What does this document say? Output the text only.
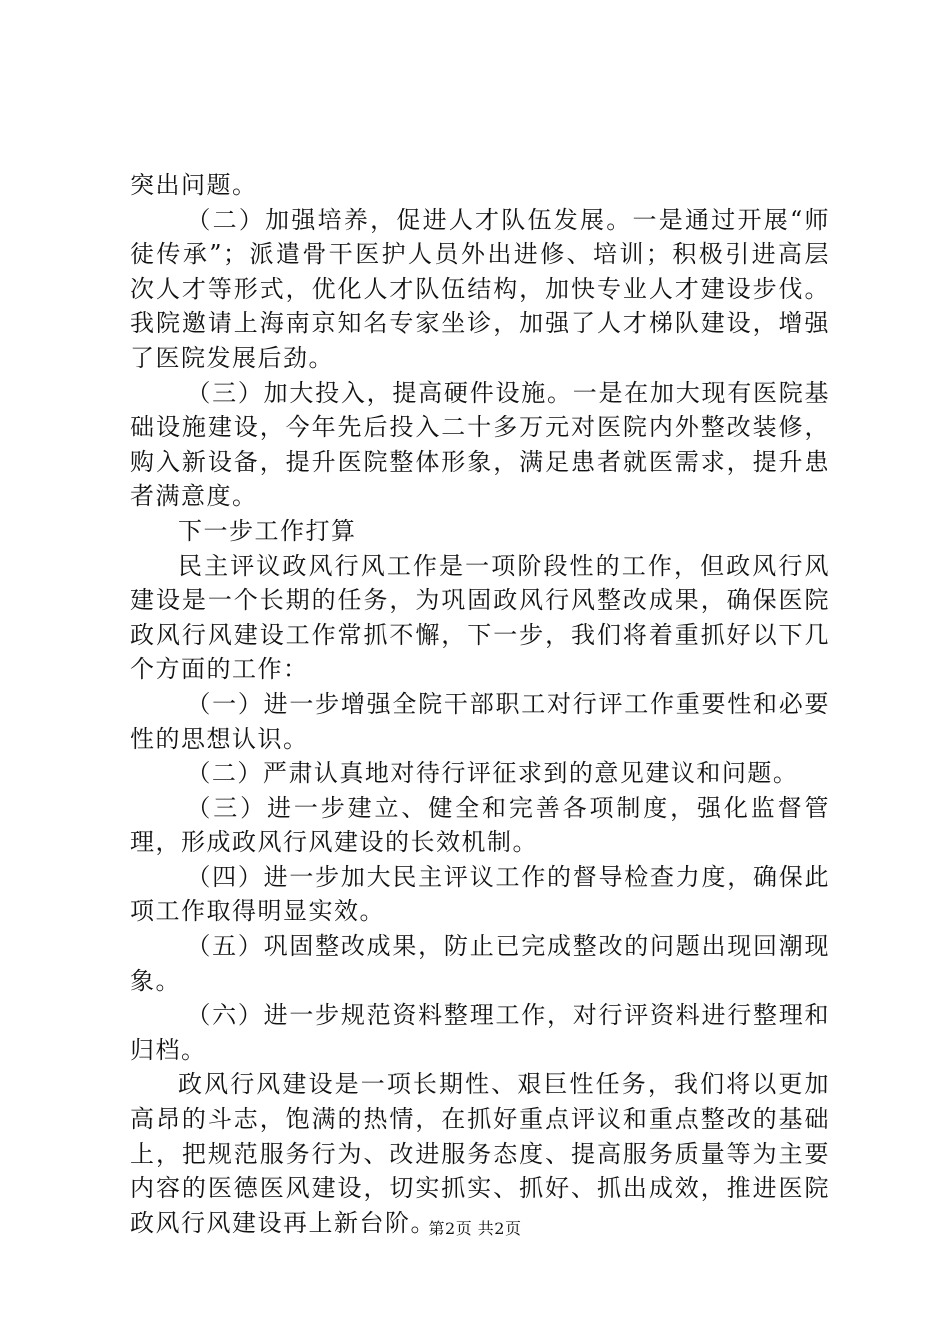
突出问题。

（二）加强培养，促进人才队伍发展。一是通过开展“师徒传承”；派遣骨干医护人员外出进修、培训；积极引进高层次人才等形式，优化人才队伍结构，加快专业人才建设步伐。我院邀请上海南京知名专家坐诊，加强了人才梯队建设，增强了医院发展后劲。

（三）加大投入，提高硬件设施。一是在加大现有医院基础设施建设，今年先后投入二十多万元对医院内外整改装修，购入新设备，提升医院整体形象，满足患者就医需求，提升患者满意度。

下一步工作打算

民主评议政风行风工作是一项阶段性的工作，但政风行风建设是一个长期的任务，为巩固政风行风整改成果，确保医院政风行风建设工作常抓不懈，下一步，我们将着重抓好以下几个方面的工作：

（一）进一步增强全院干部职工对行评工作重要性和必要性的思想认识。

（二）严肃认真地对待行评征求到的意见建议和问题。

（三）进一步建立、健全和完善各项制度，强化监督管理，形成政风行风建设的长效机制。

（四）进一步加大民主评议工作的督导检查力度，确保此项工作取得明显实效。

（五）巩固整改成果，防止已完成整改的问题出现回潮现象。

（六）进一步规范资料整理工作，对行评资料进行整理和归档。

政风行风建设是一项长期性、艰巨性任务，我们将以更加高昂的斗志，饱满的热情，在抓好重点评议和重点整改的基础上，把规范服务行为、改进服务态度、提高服务质量等为主要内容的医德医风建设，切实抓实、抓好、抓出成效，推进医院政风行风建设再上新台阶。

第2页 共2页
